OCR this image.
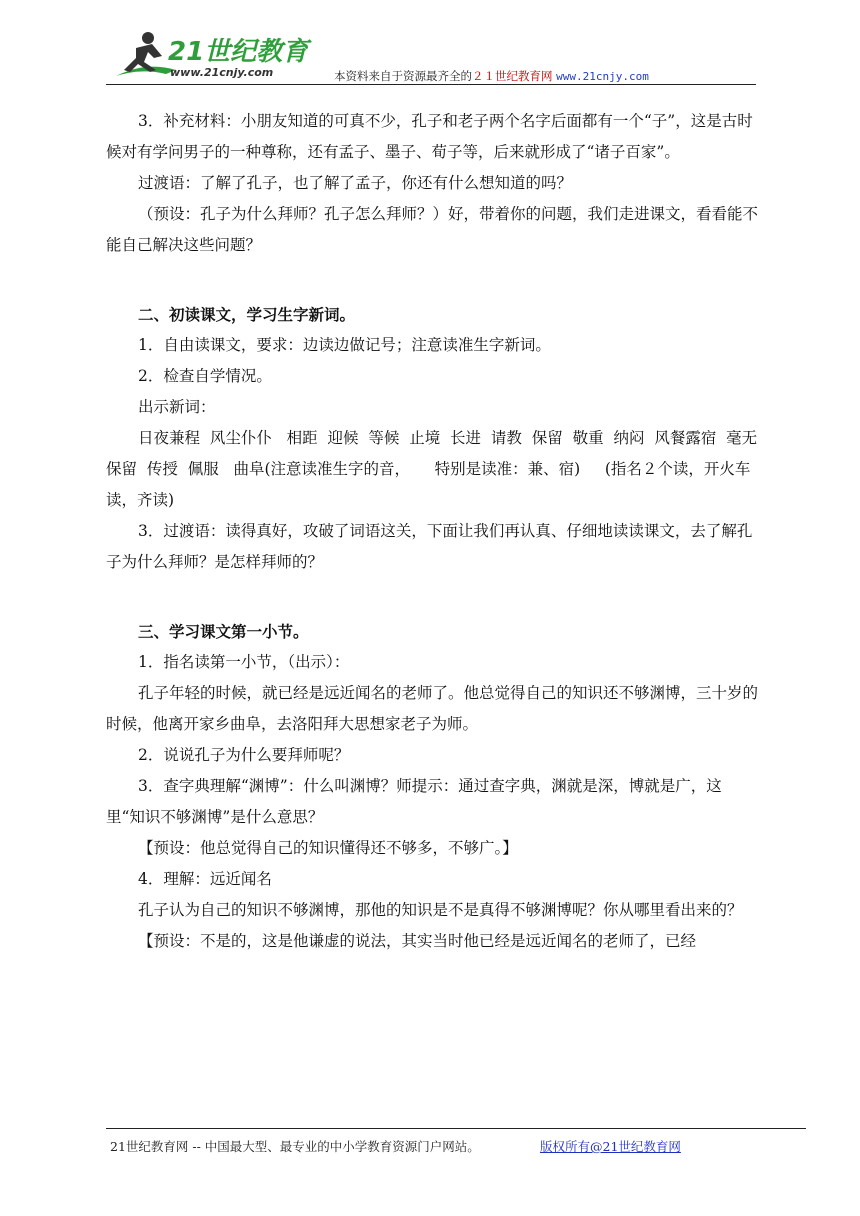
21世纪教育
www.21cnjy.com	本资料来自于资源最齐全的２１世纪教育网 www.21cnjy.com

3．补充材料：小朋友知道的可真不少，孔子和老子两个名字后面都有一个“子”，这是古时候对有学问男子的一种尊称，还有孟子、墨子、荀子等，后来就形成了“诸子百家”。

过渡语：了解了孔子，也了解了孟子，你还有什么想知道的吗？

（预设：孔子为什么拜师？孔子怎么拜师？）好，带着你的问题，我们走进课文，看看能不能自己解决这些问题？

二、初读课文，学习生字新词。

1．自由读课文，要求：边读边做记号；注意读准生字新词。

2．检查自学情况。

出示新词：

日夜兼程  风尘仆仆   相距  迎候  等候  止境  长进  请教  保留  敬重  纳闷  风餐露宿  毫无保留  传授  佩服   曲阜(注意读准生字的音，     特别是读准：兼、宿)     (指名２个读，开火车读，齐读)

3．过渡语：读得真好，攻破了词语这关，下面让我们再认真、仔细地读读课文，去了解孔子为什么拜师？是怎样拜师的？

三、学习课文第一小节。

1．指名读第一小节，（出示）：

孔子年轻的时候，就已经是远近闻名的老师了。他总觉得自己的知识还不够渊博，三十岁的时候，他离开家乡曲阜，去洛阳拜大思想家老子为师。

2．说说孔子为什么要拜师呢？

3．查字典理解“渊博”：什么叫渊博？师提示：通过查字典，渊就是深，博就是广，这里“知识不够渊博”是什么意思？

【预设：他总觉得自己的知识懂得还不够多，不够广。】

4．理解：远近闻名

孔子认为自己的知识不够渊博，那他的知识是不是真得不够渊博呢？你从哪里看出来的？

【预设：不是的，这是他谦虚的说法，其实当时他已经是远近闻名的老师了，已经

21世纪教育网 -- 中国最大型、最专业的中小学教育资源门户网站。	版权所有@21世纪教育网
